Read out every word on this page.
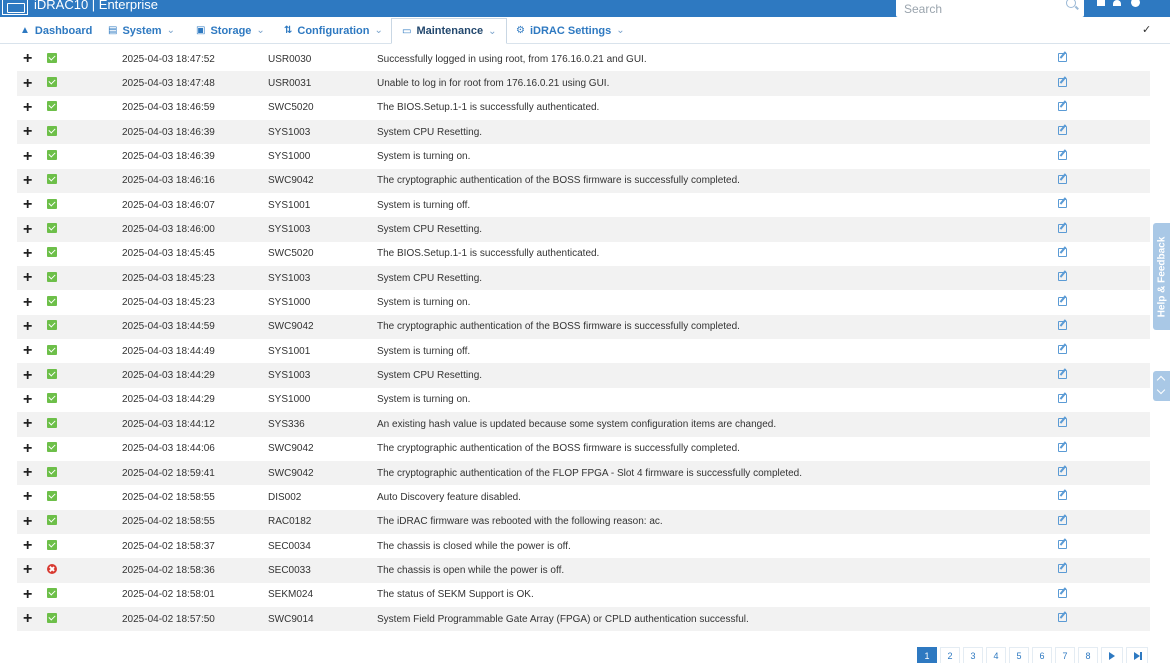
iDRAC10 | Enterprise
Search
▲ Dashboard ▤ System ⌄ ▣ Storage ⌄ ⇅ Configuration ⌄ ▭ Maintenance ⌄ ⚙ iDRAC Settings ⌄	✓
+		2025-04-03 18:47:52	USR0030	Successfully logged in using root, from 176.16.0.21 and GUI.	
+		2025-04-03 18:47:48	USR0031	Unable to log in for root from 176.16.0.21 using GUI.	
+		2025-04-03 18:46:59	SWC5020	The BIOS.Setup.1-1 is successfully authenticated.	
+		2025-04-03 18:46:39	SYS1003	System CPU Resetting.	
+		2025-04-03 18:46:39	SYS1000	System is turning on.	
+		2025-04-03 18:46:16	SWC9042	The cryptographic authentication of the BOSS firmware is successfully completed.	
+		2025-04-03 18:46:07	SYS1001	System is turning off.	
+		2025-04-03 18:46:00	SYS1003	System CPU Resetting.	
+		2025-04-03 18:45:45	SWC5020	The BIOS.Setup.1-1 is successfully authenticated.	
+		2025-04-03 18:45:23	SYS1003	System CPU Resetting.	
+		2025-04-03 18:45:23	SYS1000	System is turning on.	
+		2025-04-03 18:44:59	SWC9042	The cryptographic authentication of the BOSS firmware is successfully completed.	
+		2025-04-03 18:44:49	SYS1001	System is turning off.	
+		2025-04-03 18:44:29	SYS1003	System CPU Resetting.	
+		2025-04-03 18:44:29	SYS1000	System is turning on.	
+		2025-04-03 18:44:12	SYS336	An existing hash value is updated because some system configuration items are changed.	
+		2025-04-03 18:44:06	SWC9042	The cryptographic authentication of the BOSS firmware is successfully completed.	
+		2025-04-02 18:59:41	SWC9042	The cryptographic authentication of the FLOP FPGA - Slot 4 firmware is successfully completed.	
+		2025-04-02 18:58:55	DIS002	Auto Discovery feature disabled.	
+		2025-04-02 18:58:55	RAC0182	The iDRAC firmware was rebooted with the following reason: ac.	
+		2025-04-02 18:58:37	SEC0034	The chassis is closed while the power is off.	
+		2025-04-02 18:58:36	SEC0033	The chassis is open while the power is off.	
+		2025-04-02 18:58:01	SEKM024	The status of SEKM Support is OK.	
+		2025-04-02 18:57:50	SWC9014	System Field Programmable Gate Array (FPGA) or CPLD authentication successful.	
Help & Feedback
1	2	3	4	5	6	7	8
